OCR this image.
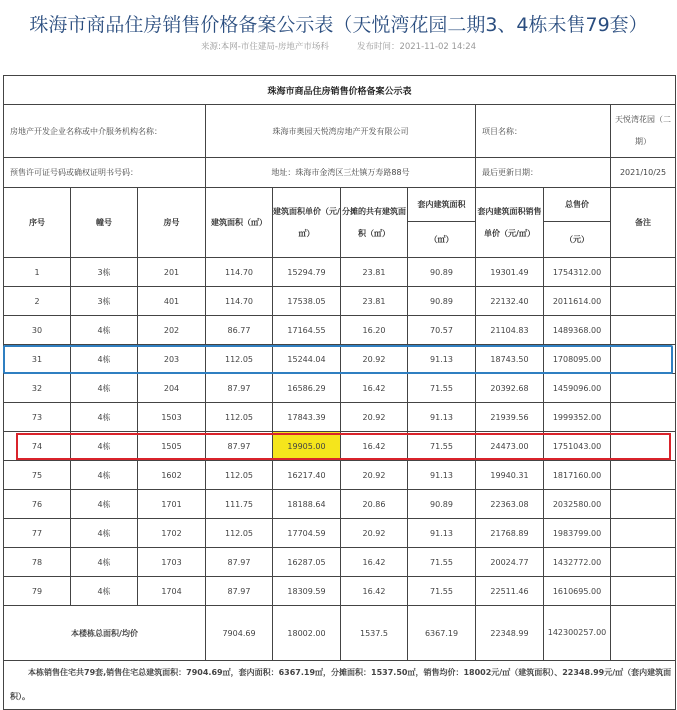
珠海市商品住房销售价格备案公示表（天悦湾花园二期3、4栋未售79套）
来源:本网-市住建局-房地产市场科	发布时间：2021-11-02 14:24
珠海市商品住房销售价格备案公示表									
房地产开发企业名称或中介服务机构名称：			珠海市奥园天悦湾房地产开发有限公司				项目名称：		天悦湾花园（二期）
预售许可证号码或确权证明书号码：			地址：珠海市金湾区三灶镇万寿路88号				最后更新日期：		2021/10/25
序号	幢号	房号	建筑面积（㎡）	建筑面积单价（元/㎡）	分摊的共有建筑面积（㎡）	套内建筑面积	套内建筑面积销售单价（元/㎡）	总售价	备注
						（㎡）		（元）	
1	3栋	201	114.70	15294.79	23.81	90.89	19301.49	1754312.00	
2	3栋	401	114.70	17538.05	23.81	90.89	22132.40	2011614.00	
30	4栋	202	86.77	17164.55	16.20	70.57	21104.83	1489368.00	
31	4栋	203	112.05	15244.04	20.92	91.13	18743.50	1708095.00	
32	4栋	204	87.97	16586.29	16.42	71.55	20392.68	1459096.00	
73	4栋	1503	112.05	17843.39	20.92	91.13	21939.56	1999352.00	
74	4栋	1505	87.97	19905.00	16.42	71.55	24473.00	1751043.00	
75	4栋	1602	112.05	16217.40	20.92	91.13	19940.31	1817160.00	
76	4栋	1701	111.75	18188.64	20.86	90.89	22363.08	2032580.00	
77	4栋	1702	112.05	17704.59	20.92	91.13	21768.89	1983799.00	
78	4栋	1703	87.97	16287.05	16.42	71.55	20024.77	1432772.00	
79	4栋	1704	87.97	18309.59	16.42	71.55	22511.46	1610695.00	
本楼栋总面积/均价			7904.69	18002.00	1537.5	6367.19	22348.99	142300257.00	
本栋销售住宅共79套,销售住宅总建筑面积：7904.69㎡，套内面积：6367.19㎡，分摊面积：1537.50㎡，销售均价：18002元/㎡（建筑面积）、22348.99元/㎡（套内建筑面积）。									
